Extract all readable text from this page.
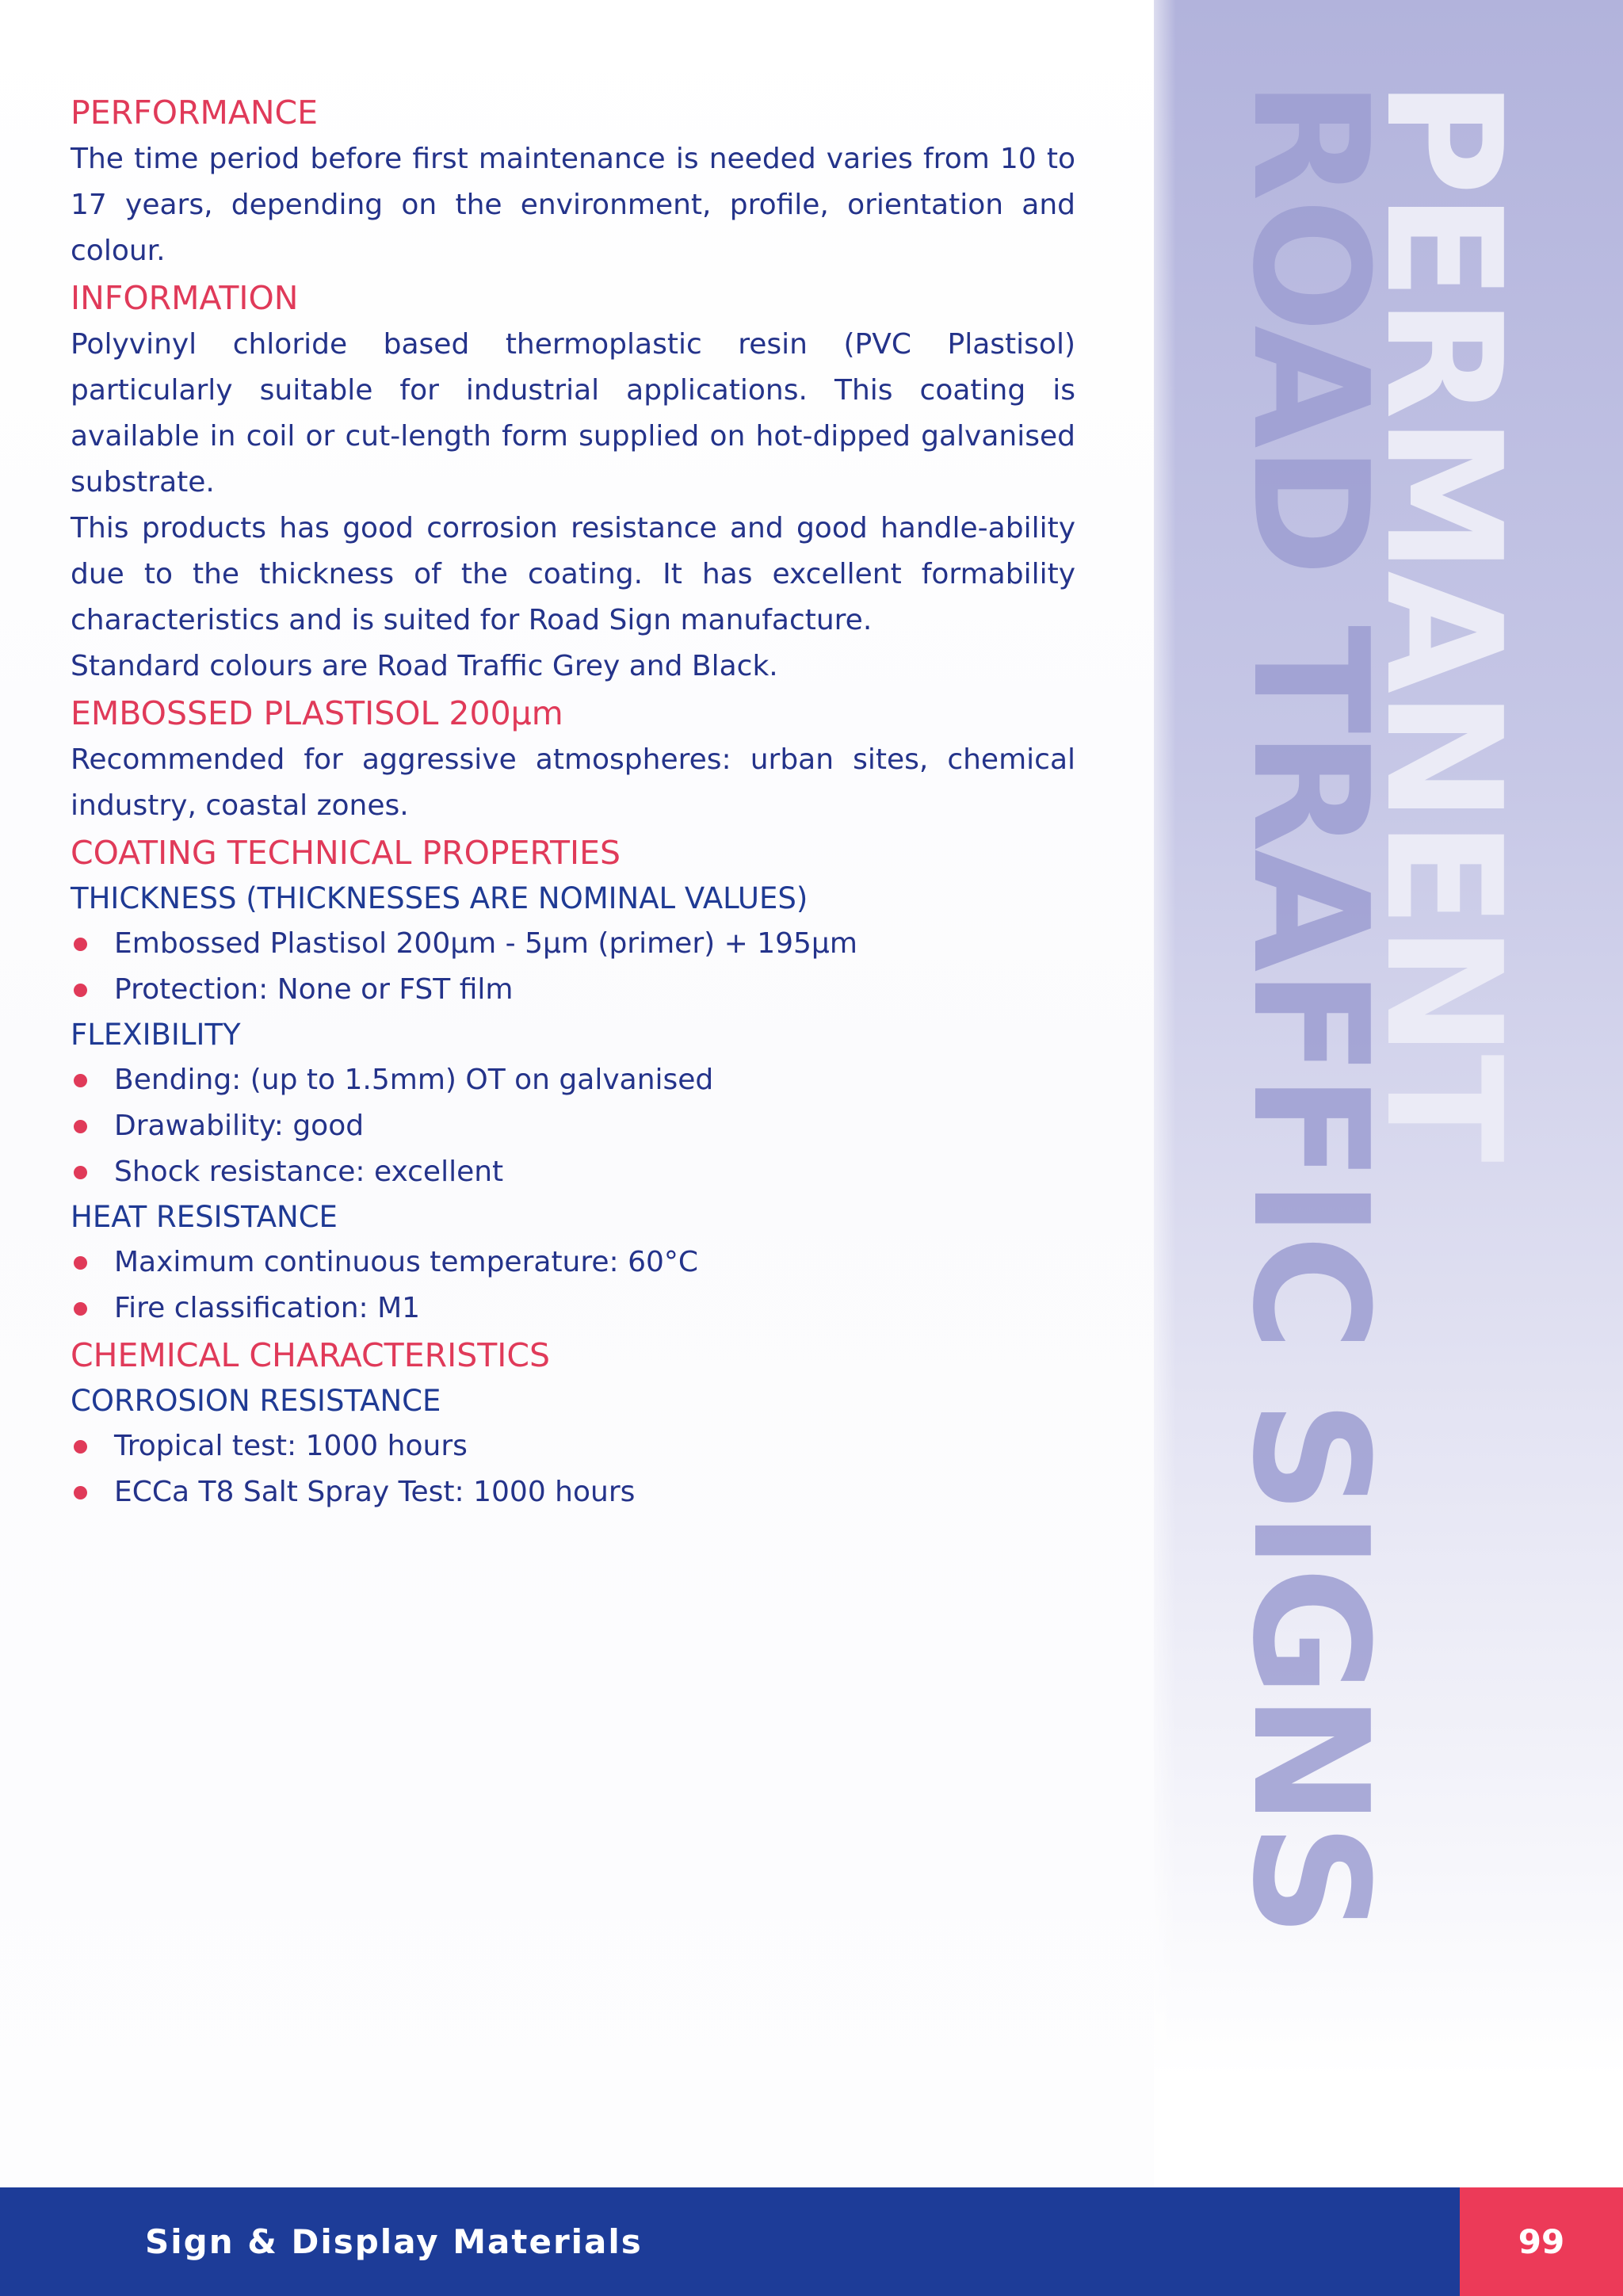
PERMANENT
ROAD TRAFFIC SIGNS
PERFORMANCE

The time period before first maintenance is needed varies from 10 to 17 years, depending on the environment, profile, orientation and colour.

INFORMATION

Polyvinyl chloride based thermoplastic resin (PVC Plastisol) particularly suitable for industrial applications. This coating is available in coil or cut-length form supplied on hot-dipped galvanised substrate.

This products has good corrosion resistance and good handle-ability due to the thickness of the coating. It has excellent formability characteristics and is suited for Road Sign manufacture.

Standard colours are Road Traffic Grey and Black.

EMBOSSED PLASTISOL 200µm

Recommended for aggressive atmospheres: urban sites, chemical industry, coastal zones.

COATING TECHNICAL PROPERTIES
THICKNESS (THICKNESSES ARE NOMINAL VALUES)
Embossed Plastisol 200µm - 5µm (primer) + 195µm
Protection: None or FST film
FLEXIBILITY
Bending: (up to 1.5mm) OT on galvanised
Drawability: good
Shock resistance: excellent
HEAT RESISTANCE
Maximum continuous temperature: 60°C
Fire classification: M1
CHEMICAL CHARACTERISTICS
CORROSION RESISTANCE
Tropical test: 1000 hours
ECCa T8 Salt Spray Test: 1000 hours
Sign & Display Materials	99
